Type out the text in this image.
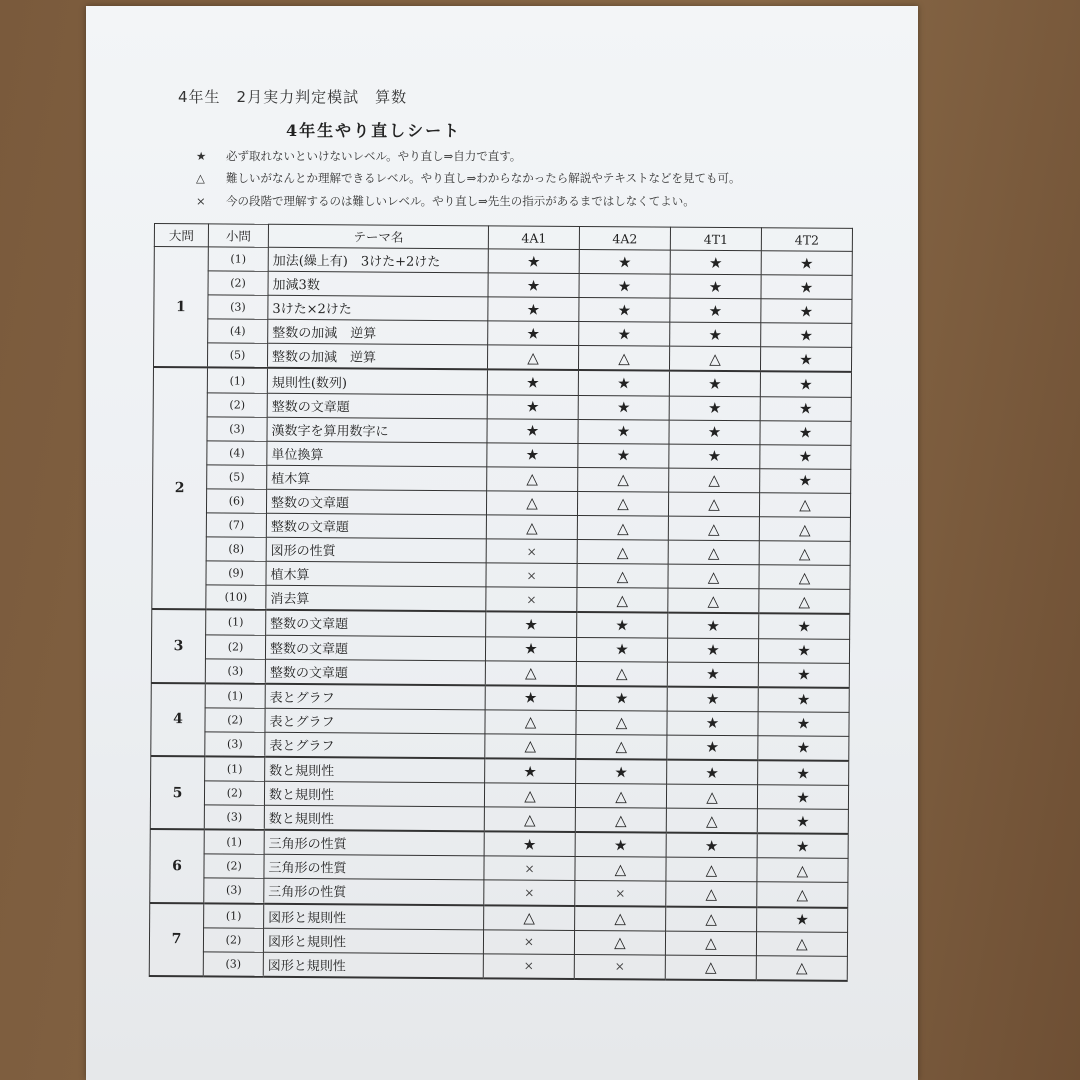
4年生　2月実力判定模試　算数
4年生やり直しシート
★ 必ず取れないといけないレベル。やり直し⇒自力で直す。
△ 難しいがなんとか理解できるレベル。やり直し⇒わからなかったら解説やテキストなどを見ても可。
× 今の段階で理解するのは難しいレベル。やり直し⇒先生の指示があるまではしなくてよい。
大問	小問	テーマ名	4A1	4A2	4T1	4T2
1	(1)	加法(繰上有)　3けた+2けた	★	★	★	★
	(2)	加減3数	★	★	★	★
	(3)	3けた×2けた	★	★	★	★
	(4)	整数の加減　逆算	★	★	★	★
	(5)	整数の加減　逆算	△	△	△	★
2	(1)	規則性(数列)	★	★	★	★
	(2)	整数の文章題	★	★	★	★
	(3)	漢数字を算用数字に	★	★	★	★
	(4)	単位換算	★	★	★	★
	(5)	植木算	△	△	△	★
	(6)	整数の文章題	△	△	△	△
	(7)	整数の文章題	△	△	△	△
	(8)	図形の性質	×	△	△	△
	(9)	植木算	×	△	△	△
	(10)	消去算	×	△	△	△
3	(1)	整数の文章題	★	★	★	★
	(2)	整数の文章題	★	★	★	★
	(3)	整数の文章題	△	△	★	★
4	(1)	表とグラフ	★	★	★	★
	(2)	表とグラフ	△	△	★	★
	(3)	表とグラフ	△	△	★	★
5	(1)	数と規則性	★	★	★	★
	(2)	数と規則性	△	△	△	★
	(3)	数と規則性	△	△	△	★
6	(1)	三角形の性質	★	★	★	★
	(2)	三角形の性質	×	△	△	△
	(3)	三角形の性質	×	×	△	△
7	(1)	図形と規則性	△	△	△	★
	(2)	図形と規則性	×	△	△	△
	(3)	図形と規則性	×	×	△	△
